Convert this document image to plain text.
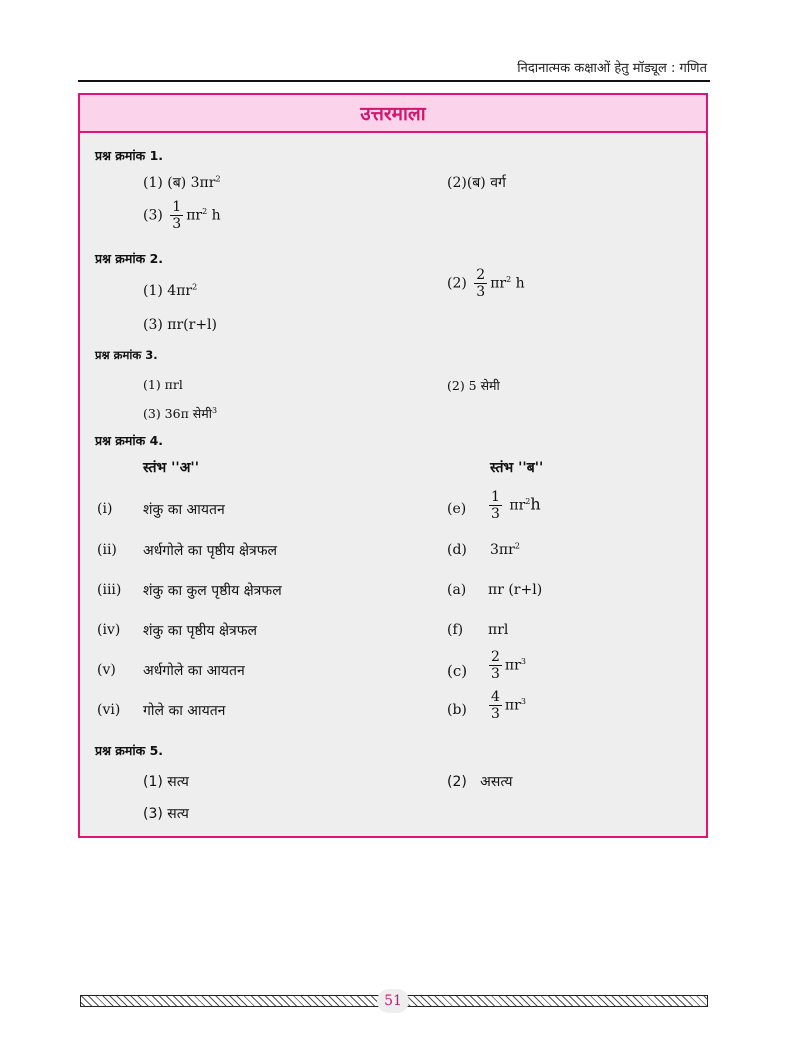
निदानात्मक कक्षाओं हेतु मॉड्यूल : गणित
उत्तरमाला
प्रश्न क्रमांक 1.
(1) (ब) $3\pi r^2$	(2)(ब) वर्ग
$(3) \frac{1}{3} \pi r^2$ h
प्रश्न क्रमांक 2.
(1) $4\pi r^2$	$(2) \frac{2}{3} \pi r^2$ h
(3) πr(r+l)
प्रश्न क्रमांक 3.
(1) πrl	(2) 5 सेमी
(3) 36π सेमी$^3$
प्रश्न क्रमांक 4.
स्तंभ ''अ''	स्तंभ ''ब''
(i) शंकु का आयतन	$(e) \frac{1}{3} \pi r^2h$
(ii) अर्धगोले का पृष्ठीय क्षेत्रफल	(d) $3\pi r^2$
(iii) शंकु का कुल पृष्ठीय क्षेत्रफल	(a) πr (r+l)
(iv) शंकु का पृष्ठीय क्षेत्रफल	(f) πrl
(v) अर्धगोले का आयतन	$(c) \frac{2}{3} \pi r^3$
(vi) गोले का आयतन	$(b) \frac{4}{3} \pi r^3$
प्रश्न क्रमांक 5.
(1) सत्य	(2)   असत्य
(3) सत्य
51
